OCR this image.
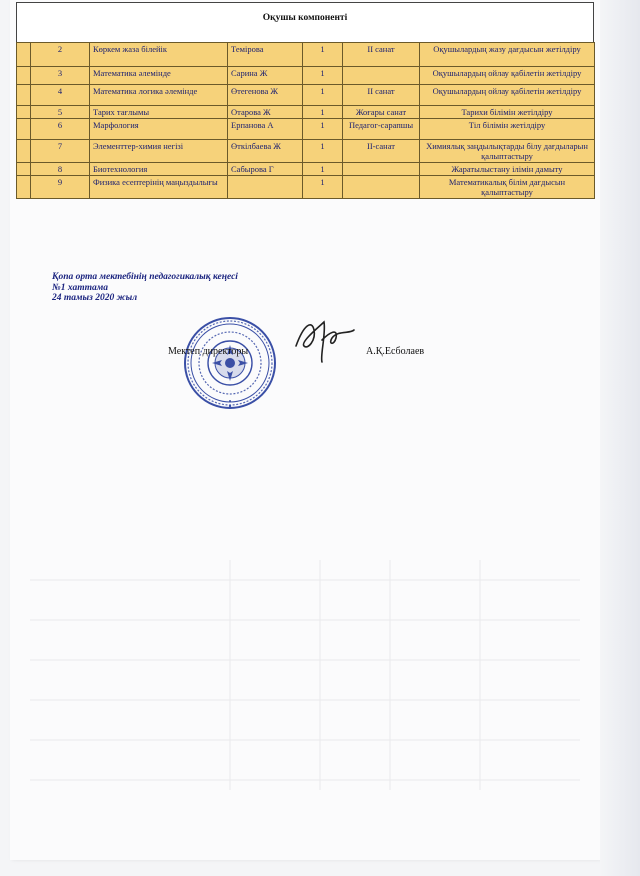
Оқушы компоненті
	2	Көркем жаза білейік	Темірова	1	II санат	Оқушылардың жазу дағдысын жетілдіру
	3	Математика әлемінде	Сарина Ж	1		Оқушылардың ойлау қабілетін жетілдіру
	4	Математика логика әлемінде	Өтегенова Ж	1	II санат	Оқушылардың ойлау қабілетін жетілдіру
	5	Тарих тағлымы	Отарова Ж	1	Жоғары санат	Тарихи білімін жетілдіру
	6	Марфология	Ерпанова А	1	Педагог-сарапшы	Тіл білімін жетілдіру
	7	Элементтер-химия негізі	Өткілбаева Ж	1	II-санат	Химиялық заңдылықтарды білу дағдыларын қалыптастыру
	8	Биотехнология	Сабырова Г	1		Жаратылыстану ілімін дамыту
	9	Физика есептерінің маңыздылығы		1		Математикалық білім дағдысын қалыптастыру
Қопа орта мектебінің педагогикалық кеңесі
№1 хаттама
24 тамыз 2020 жыл
Мектеп директоры	А.Қ.Есболаев
